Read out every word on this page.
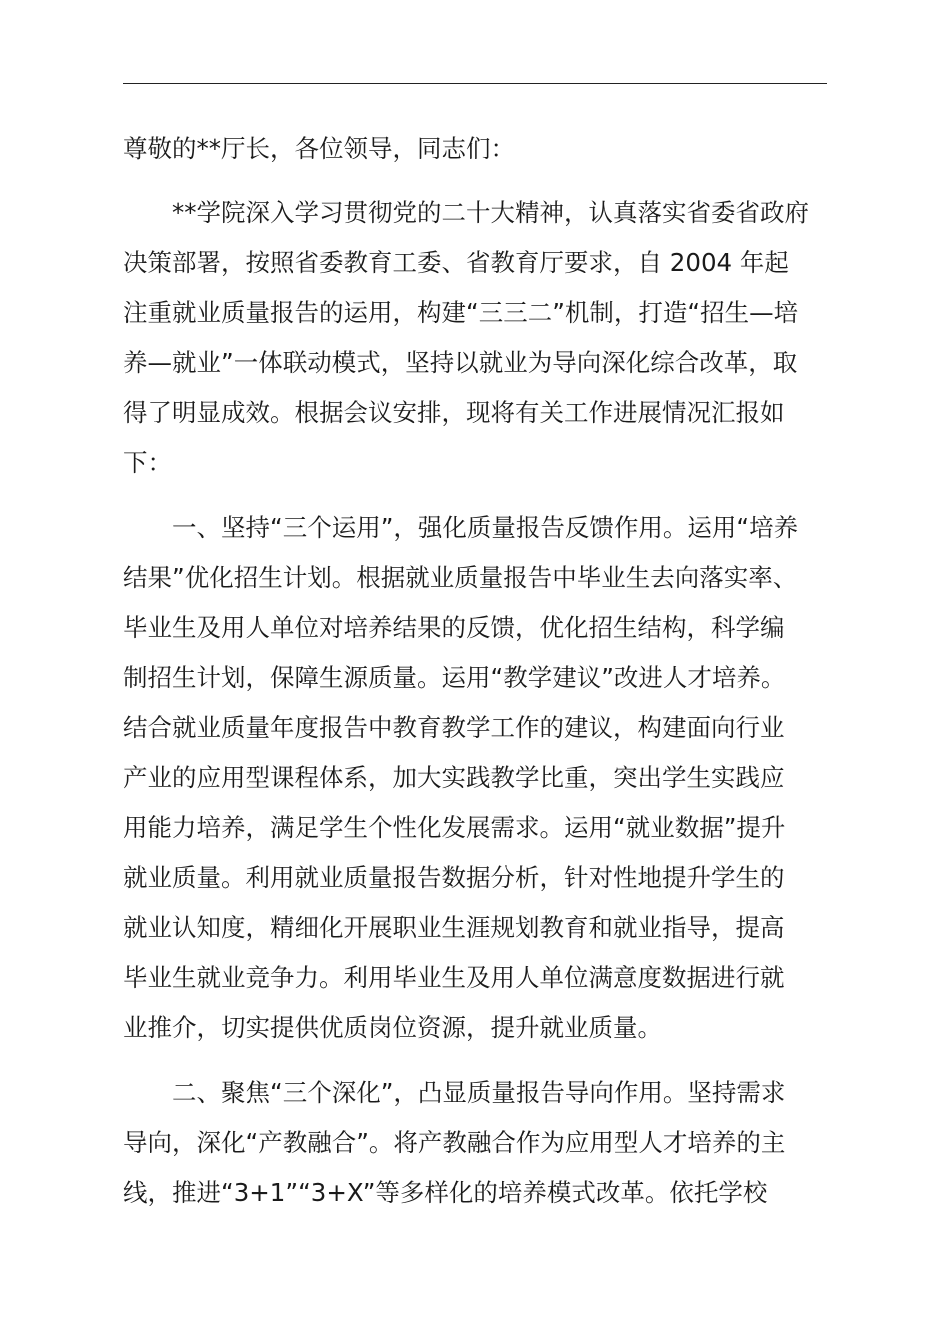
尊敬的**厅长，各位领导，同志们：
**学院深入学习贯彻党的二十大精神，认真落实省委省政府
决策部署，按照省委教育工委、省教育厅要求，自 2004 年起
注重就业质量报告的运用，构建“三三二”机制，打造“招生—培
养—就业”一体联动模式，坚持以就业为导向深化综合改革，取
得了明显成效。根据会议安排，现将有关工作进展情况汇报如
下：
一、坚持“三个运用”，强化质量报告反馈作用。运用“培养
结果”优化招生计划。根据就业质量报告中毕业生去向落实率、
毕业生及用人单位对培养结果的反馈，优化招生结构，科学编
制招生计划，保障生源质量。运用“教学建议”改进人才培养。
结合就业质量年度报告中教育教学工作的建议，构建面向行业
产业的应用型课程体系，加大实践教学比重，突出学生实践应
用能力培养，满足学生个性化发展需求。运用“就业数据”提升
就业质量。利用就业质量报告数据分析，针对性地提升学生的
就业认知度，精细化开展职业生涯规划教育和就业指导，提高
毕业生就业竞争力。利用毕业生及用人单位满意度数据进行就
业推介，切实提供优质岗位资源，提升就业质量。
二、聚焦“三个深化”，凸显质量报告导向作用。坚持需求
导向，深化“产教融合”。将产教融合作为应用型人才培养的主
线，推进“3+1”“3+X”等多样化的培养模式改革。依托学校
